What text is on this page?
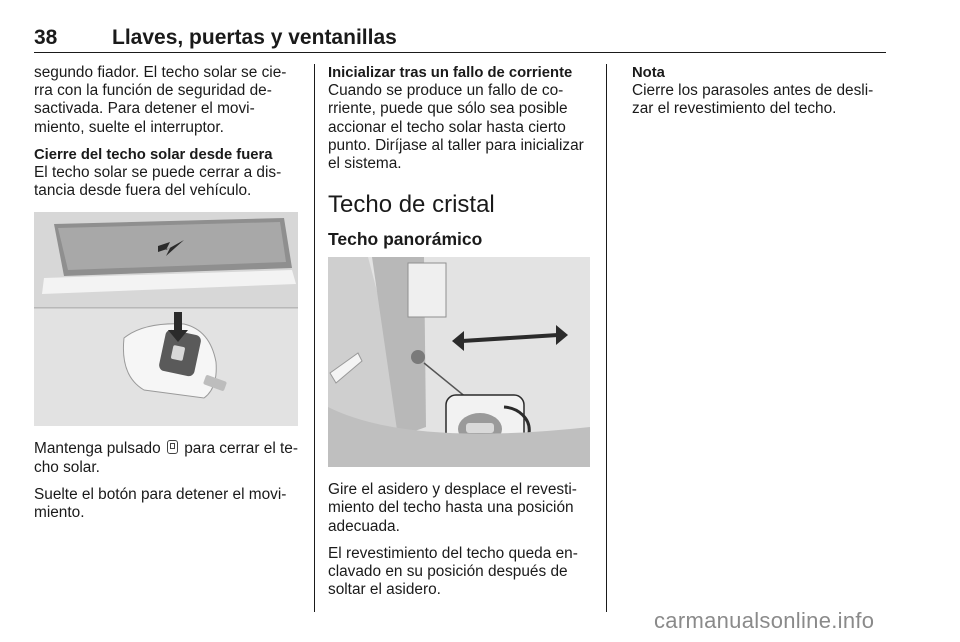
38	Llaves, puertas y ventanillas

segundo fiador. El techo solar se cie- rra con la función de seguridad de- sactivada. Para detener el movi- miento, suelte el interruptor.

Cierre del techo solar desde fuera

El techo solar se puede cerrar a dis- tancia desde fuera del vehículo.

Mantenga pulsado para cerrar el te- cho solar.

Suelte el botón para detener el movi- miento.

Inicializar tras un fallo de corriente

Cuando se produce un fallo de co- rriente, puede que sólo sea posible accionar el techo solar hasta cierto punto. Diríjase al taller para inicializar el sistema.

Techo de cristal
Techo panorámico

Gire el asidero y desplace el revesti- miento del techo hasta una posición adecuada.

El revestimiento del techo queda en- clavado en su posición después de soltar el asidero.

Nota

Cierre los parasoles antes de desli- zar el revestimiento del techo.

carmanualsonline.info
